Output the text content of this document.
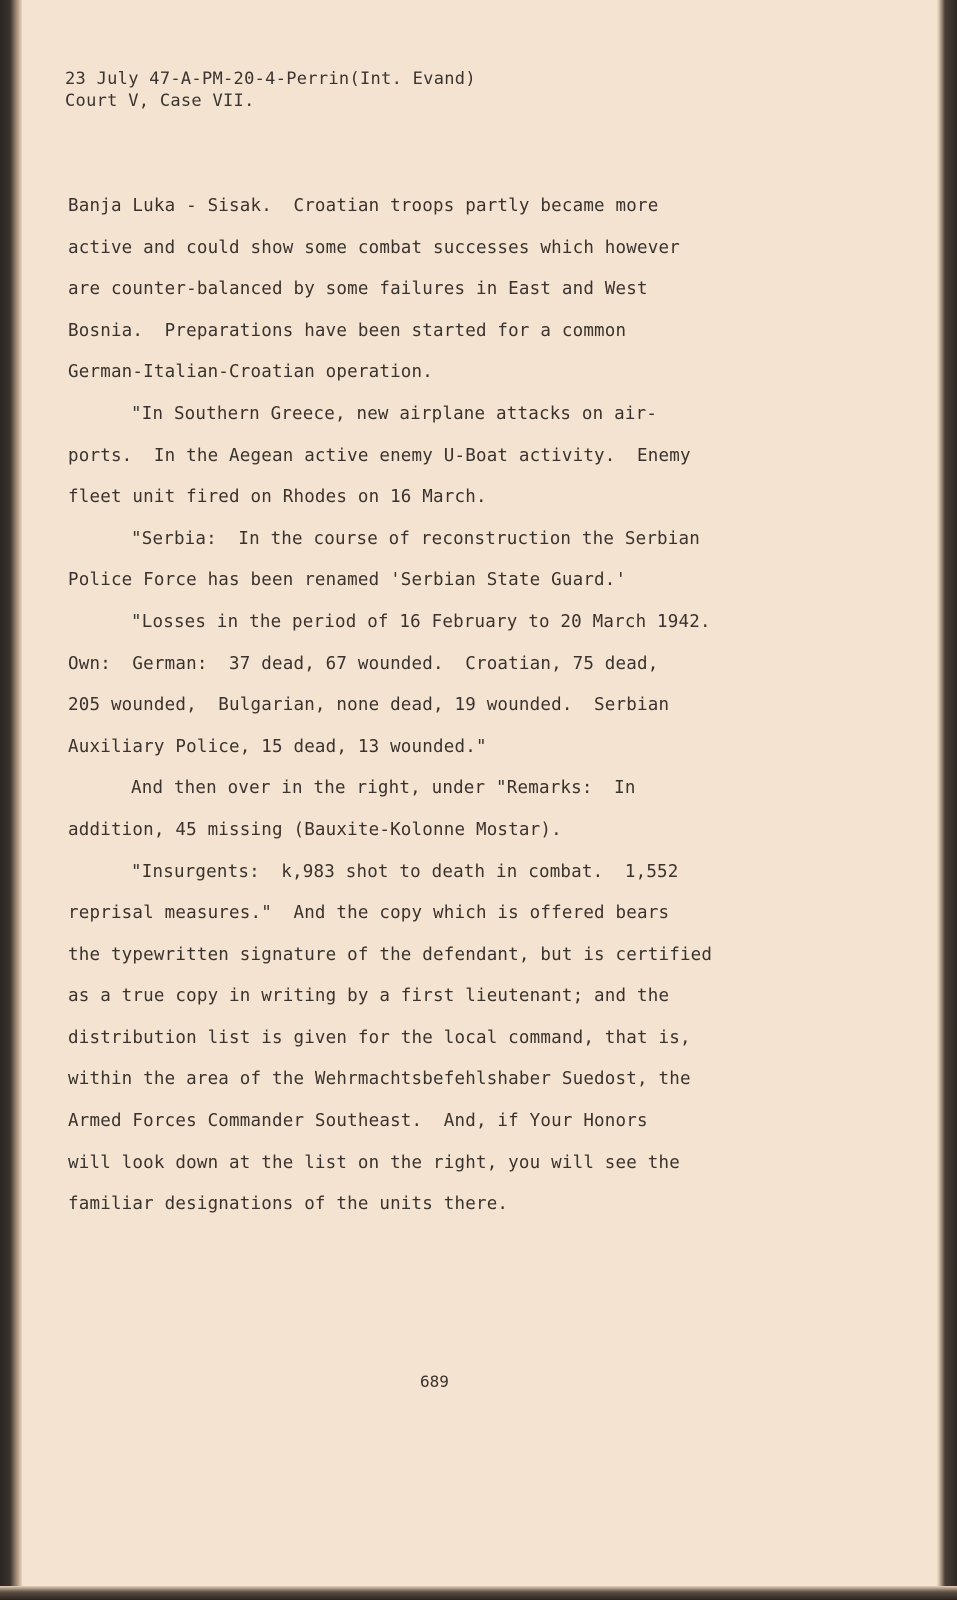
23 July 47-A-PM-20-4-Perrin(Int. Evand)
Court V, Case VII.
Banja Luka - Sisak.  Croatian troops partly became more
active and could show some combat successes which however
are counter-balanced by some failures in East and West
Bosnia.  Preparations have been started for a common
German-Italian-Croatian operation.
"In Southern Greece, new airplane attacks on air-
ports.  In the Aegean active enemy U-Boat activity.  Enemy
fleet unit fired on Rhodes on 16 March.
"Serbia:  In the course of reconstruction the Serbian
Police Force has been renamed 'Serbian State Guard.'
"Losses in the period of 16 February to 20 March 1942.
Own:  German:  37 dead, 67 wounded.  Croatian, 75 dead,
205 wounded,  Bulgarian, none dead, 19 wounded.  Serbian
Auxiliary Police, 15 dead, 13 wounded."
And then over in the right, under "Remarks:  In
addition, 45 missing (Bauxite-Kolonne Mostar).
"Insurgents:  k,983 shot to death in combat.  1,552
reprisal measures."  And the copy which is offered bears
the typewritten signature of the defendant, but is certified
as a true copy in writing by a first lieutenant; and the
distribution list is given for the local command, that is,
within the area of the Wehrmachtsbefehlshaber Suedost, the
Armed Forces Commander Southeast.  And, if Your Honors
will look down at the list on the right, you will see the
familiar designations of the units there.
689
